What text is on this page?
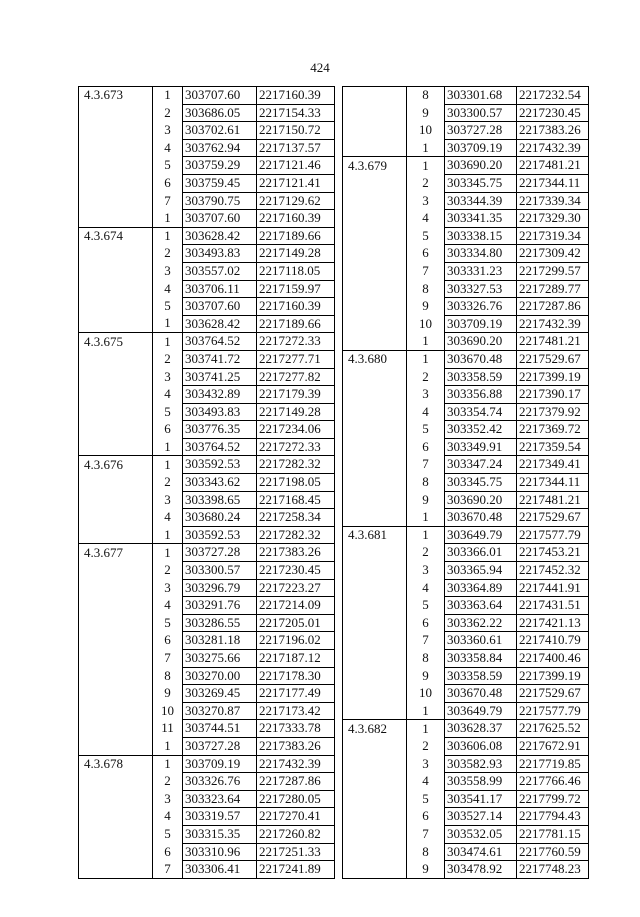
424
4.3.673	1	303707.60	2217160.39
	2	303686.05	2217154.33
	3	303702.61	2217150.72
	4	303762.94	2217137.57
	5	303759.29	2217121.46
	6	303759.45	2217121.41
	7	303790.75	2217129.62
	1	303707.60	2217160.39
4.3.674	1	303628.42	2217189.66
	2	303493.83	2217149.28
	3	303557.02	2217118.05
	4	303706.11	2217159.97
	5	303707.60	2217160.39
	1	303628.42	2217189.66
4.3.675	1	303764.52	2217272.33
	2	303741.72	2217277.71
	3	303741.25	2217277.82
	4	303432.89	2217179.39
	5	303493.83	2217149.28
	6	303776.35	2217234.06
	1	303764.52	2217272.33
4.3.676	1	303592.53	2217282.32
	2	303343.62	2217198.05
	3	303398.65	2217168.45
	4	303680.24	2217258.34
	1	303592.53	2217282.32
4.3.677	1	303727.28	2217383.26
	2	303300.57	2217230.45
	3	303296.79	2217223.27
	4	303291.76	2217214.09
	5	303286.55	2217205.01
	6	303281.18	2217196.02
	7	303275.66	2217187.12
	8	303270.00	2217178.30
	9	303269.45	2217177.49
	10	303270.87	2217173.42
	11	303744.51	2217333.78
	1	303727.28	2217383.26
4.3.678	1	303709.19	2217432.39
	2	303326.76	2217287.86
	3	303323.64	2217280.05
	4	303319.57	2217270.41
	5	303315.35	2217260.82
	6	303310.96	2217251.33
	7	303306.41	2217241.89
	8	303301.68	2217232.54
	9	303300.57	2217230.45
	10	303727.28	2217383.26
	1	303709.19	2217432.39
4.3.679	1	303690.20	2217481.21
	2	303345.75	2217344.11
	3	303344.39	2217339.34
	4	303341.35	2217329.30
	5	303338.15	2217319.34
	6	303334.80	2217309.42
	7	303331.23	2217299.57
	8	303327.53	2217289.77
	9	303326.76	2217287.86
	10	303709.19	2217432.39
	1	303690.20	2217481.21
4.3.680	1	303670.48	2217529.67
	2	303358.59	2217399.19
	3	303356.88	2217390.17
	4	303354.74	2217379.92
	5	303352.42	2217369.72
	6	303349.91	2217359.54
	7	303347.24	2217349.41
	8	303345.75	2217344.11
	9	303690.20	2217481.21
	1	303670.48	2217529.67
4.3.681	1	303649.79	2217577.79
	2	303366.01	2217453.21
	3	303365.94	2217452.32
	4	303364.89	2217441.91
	5	303363.64	2217431.51
	6	303362.22	2217421.13
	7	303360.61	2217410.79
	8	303358.84	2217400.46
	9	303358.59	2217399.19
	10	303670.48	2217529.67
	1	303649.79	2217577.79
4.3.682	1	303628.37	2217625.52
	2	303606.08	2217672.91
	3	303582.93	2217719.85
	4	303558.99	2217766.46
	5	303541.17	2217799.72
	6	303527.14	2217794.43
	7	303532.05	2217781.15
	8	303474.61	2217760.59
	9	303478.92	2217748.23
